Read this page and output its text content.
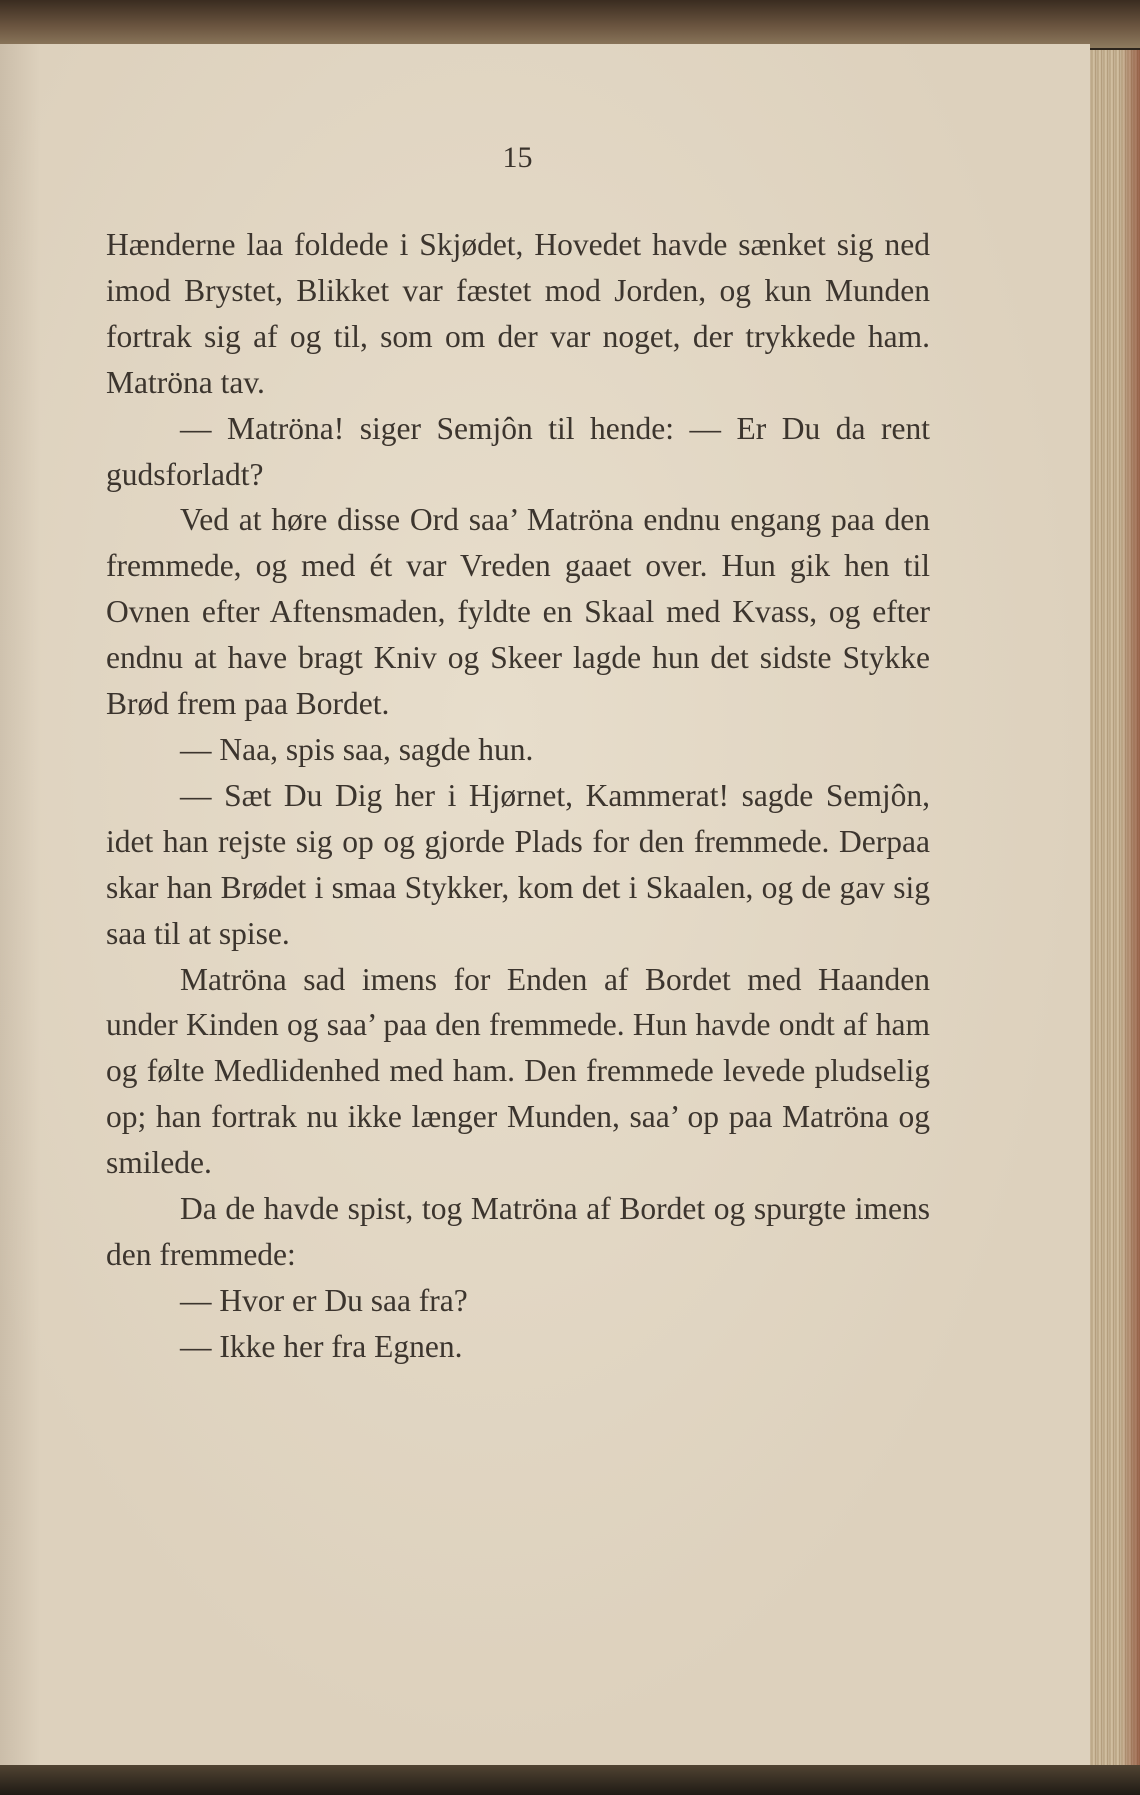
15

Hænderne laa foldede i Skjødet, Hovedet havde sænket sig ned imod Brystet, Blikket var fæstet mod Jorden, og kun Munden fortrak sig af og til, som om der var noget, der trykkede ham. Matröna tav.

— Matröna! siger Semjôn til hende: — Er Du da rent gudsforladt?

Ved at høre disse Ord saa’ Matröna endnu engang paa den fremmede, og med ét var Vreden gaaet over. Hun gik hen til Ovnen efter Aftensmaden, fyldte en Skaal med Kvass, og efter endnu at have bragt Kniv og Skeer lagde hun det sidste Stykke Brød frem paa Bordet.

— Naa, spis saa, sagde hun.

— Sæt Du Dig her i Hjørnet, Kammerat! sagde Semjôn, idet han rejste sig op og gjorde Plads for den fremmede. Derpaa skar han Brødet i smaa Stykker, kom det i Skaalen, og de gav sig saa til at spise.

Matröna sad imens for Enden af Bordet med Haanden under Kinden og saa’ paa den fremmede. Hun havde ondt af ham og følte Medlidenhed med ham. Den fremmede levede pludselig op; han fortrak nu ikke længer Munden, saa’ op paa Matröna og smilede.

Da de havde spist, tog Matröna af Bordet og spurgte imens den fremmede:

— Hvor er Du saa fra?

— Ikke her fra Egnen.
